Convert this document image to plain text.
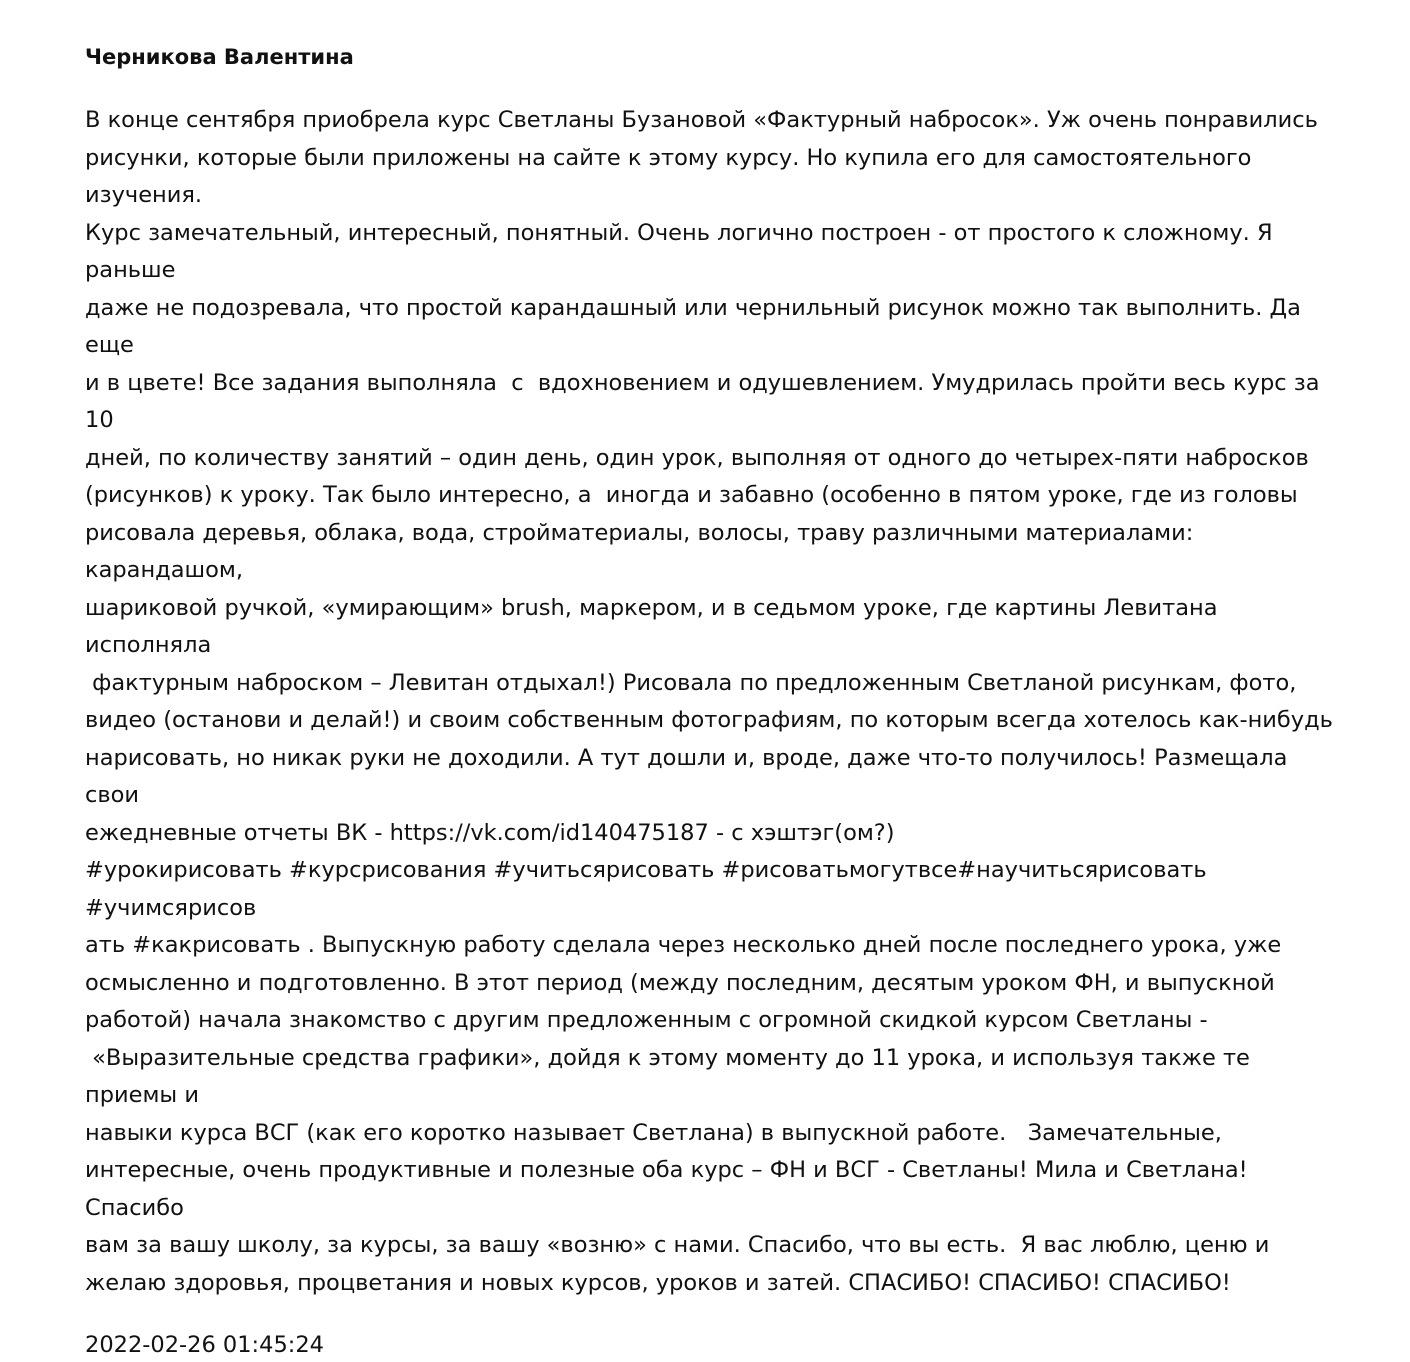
Черникова Валентина
В конце сентября приобрела курс Светланы Бузановой «Фактурный набросок». Уж очень понравились
рисунки, которые были приложены на сайте к этому курсу. Но купила его для самостоятельного изучения.
Курс замечательный, интересный, понятный. Очень логично построен - от простого к сложному. Я раньше
даже не подозревала, что простой карандашный или чернильный рисунок можно так выполнить. Да еще
и в цвете! Все задания выполняла  с  вдохновением и одушевлением. Умудрилась пройти весь курс за 10
дней, по количеству занятий – один день, один урок, выполняя от одного до четырех-пяти набросков
(рисунков) к уроку. Так было интересно, а  иногда и забавно (особенно в пятом уроке, где из головы
рисовала деревья, облака, вода, стройматериалы, волосы, траву различными материалами: карандашом,
шариковой ручкой, «умирающим» brush, маркером, и в седьмом уроке, где картины Левитана исполняла
фактурным наброском – Левитан отдыхал!) Рисовала по предложенным Светланой рисункам, фото,
видео (останови и делай!) и своим собственным фотографиям, по которым всегда хотелось как-нибудь
нарисовать, но никак руки не доходили. А тут дошли и, вроде, даже что-то получилось! Размещала свои
ежедневные отчеты ВК - https://vk.com/id140475187 - с хэштэг(ом?)
#урокирисовать #курсрисования #учитьсярисовать #рисоватьмогутвсе#научитьсярисовать #учимсярисов
ать #какрисовать . Выпускную работу сделала через несколько дней после последнего урока, уже
осмысленно и подготовленно. В этот период (между последним, десятым уроком ФН, и выпускной
работой) начала знакомство с другим предложенным с огромной скидкой курсом Светланы -
«Выразительные средства графики», дойдя к этому моменту до 11 урока, и используя также те приемы и
навыки курса ВСГ (как его коротко называет Светлана) в выпускной работе.   Замечательные,
интересные, очень продуктивные и полезные оба курс – ФН и ВСГ - Светланы! Мила и Светлана! Спасибо
вам за вашу школу, за курсы, за вашу «возню» с нами. Спасибо, что вы есть.  Я вас люблю, ценю и
желаю здоровья, процветания и новых курсов, уроков и затей. СПАСИБО! СПАСИБО! СПАСИБО!
2022-02-26 01:45:24
